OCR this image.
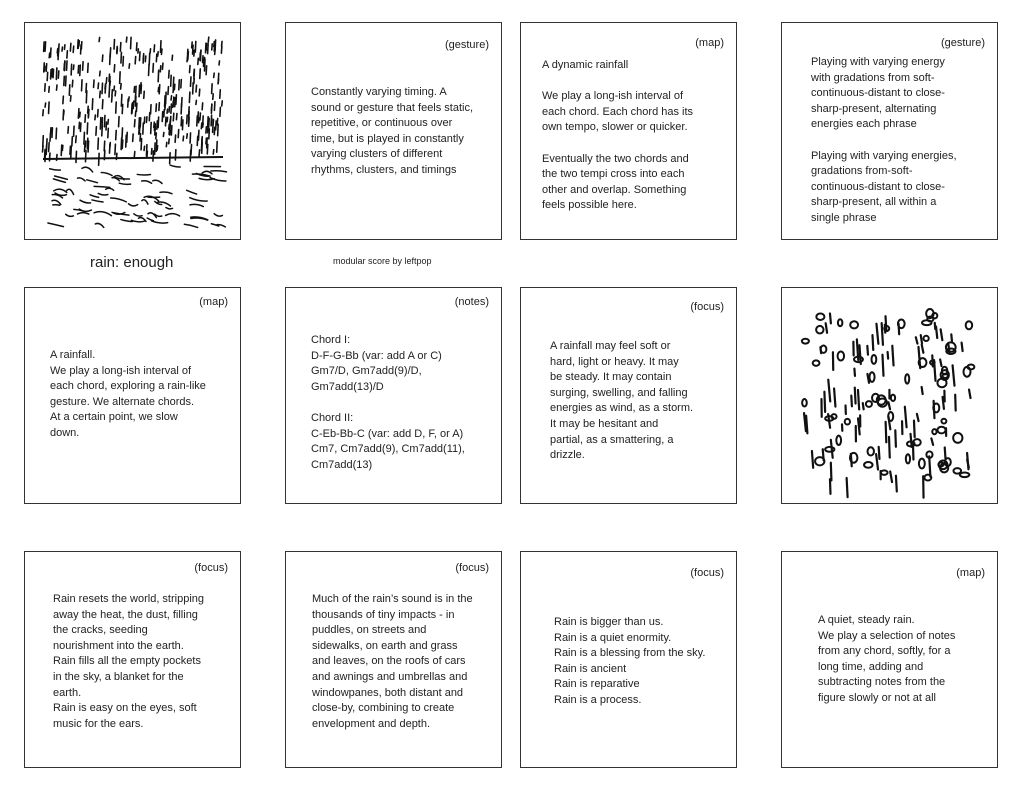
rain: enough	modular score by leftpop
(gesture)
Constantly varying timing. A
sound or gesture that feels static,
repetitive, or continuous over
time, but is played in constantly
varying clusters of different
rhythms, clusters, and timings
(map)
A dynamic rainfall

We play a long-ish interval of
each chord. Each chord has its
own tempo, slower or quicker.

Eventually the two chords and
the two tempi cross into each
other and overlap. Something
feels possible here.
(gesture)
Playing with varying energy
with gradations from soft-
continuous-distant to close-
sharp-present, alternating
energies each phrase

Playing with varying energies,
gradations from-soft-
continuous-distant to close-
sharp-present, all within a
single phrase
(map)
A rainfall.
We play a long-ish interval of
each chord, exploring a rain-like
gesture. We alternate chords.
At a certain point, we slow
down.
(notes)
Chord I:
D-F-G-Bb (var: add A or C)
Gm7/D, Gm7add(9)/D,
Gm7add(13)/D

Chord II:
C-Eb-Bb-C (var: add D, F, or A)
Cm7, Cm7add(9), Cm7add(11),
Cm7add(13)
(focus)
A rainfall may feel soft or
hard, light or heavy. It may
be steady. It may contain
surging, swelling, and falling
energies as wind, as a storm.
It may be hesitant and
partial, as a smattering, a
drizzle.
(focus)
Rain resets the world, stripping
away the heat, the dust, filling
the cracks, seeding
nourishment into the earth.
Rain fills all the empty pockets
in the sky, a blanket for the
earth.
Rain is easy on the eyes, soft
music for the ears.
(focus)
Much of the rain’s sound is in the
thousands of tiny impacts - in
puddles, on streets and
sidewalks, on earth and grass
and leaves, on the roofs of cars
and awnings and umbrellas and
windowpanes, both distant and
close-by, combining to create
envelopment and depth.
(focus)
Rain is bigger than us.
Rain is a quiet enormity.
Rain is a blessing from the sky.
Rain is ancient
Rain is reparative
Rain is a process.
(map)
A quiet, steady rain.
We play a selection of notes
from any chord, softly, for a
long time, adding and
subtracting notes from the
figure slowly or not at all
